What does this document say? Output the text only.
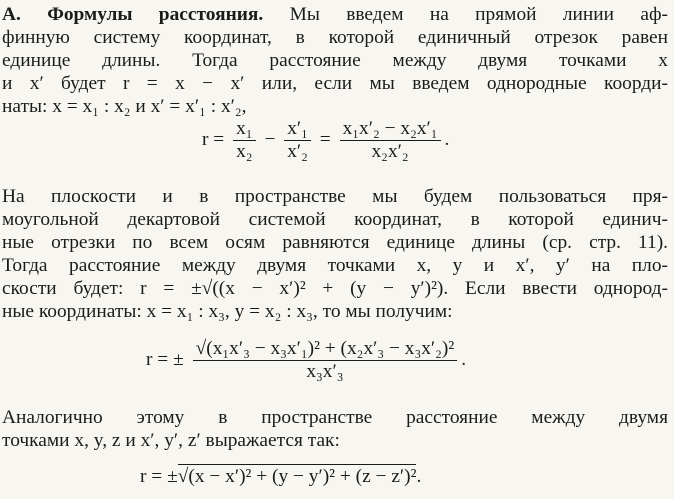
A. Формулы расстояния. Мы введем на прямой линии аф-
финную систему координат, в которой единичный отрезок равен
единице длины. Тогда расстояние между двумя точками x
и x′ будет r = x − x′ или, если мы введем однородные коорди-
наты: x = x₁ : x₂ и x′ = x′₁ : x′₂,
$r = \frac{\text{x₁}}{\text{x₂}} - \frac{\text{x′₁}}{\text{x′₂}} = \frac{\text{x₁x′₂ − x₂x′₁}}{\text{x₂x′₂}}$ .
На плоскости и в пространстве мы будем пользоваться пря-
моугольной декартовой системой координат, в которой единич-
ные отрезки по всем осям равняются единице длины (ср. стр. 11).
Тогда расстояние между двумя точками x, y и x′, y′ на пло-
скости будет: r = ±√((x − x′)² + (y − y′)²). Если ввести однород-
ные координаты: x = x₁ : x₃, y = x₂ : x₃, то мы получим:
r = ± $\frac{\text{√(x₁x′₃ − x₃x′₁)² + (x₂x′₃ − x₃x′₂)²}}{\text{x₃x′₃}}$ .
Аналогично этому в пространстве расстояние между двумя
точками x, y, z и x′, y′, z′ выражается так:
r = ±√(x − x′)² + (y − y′)² + (z − z′)².
